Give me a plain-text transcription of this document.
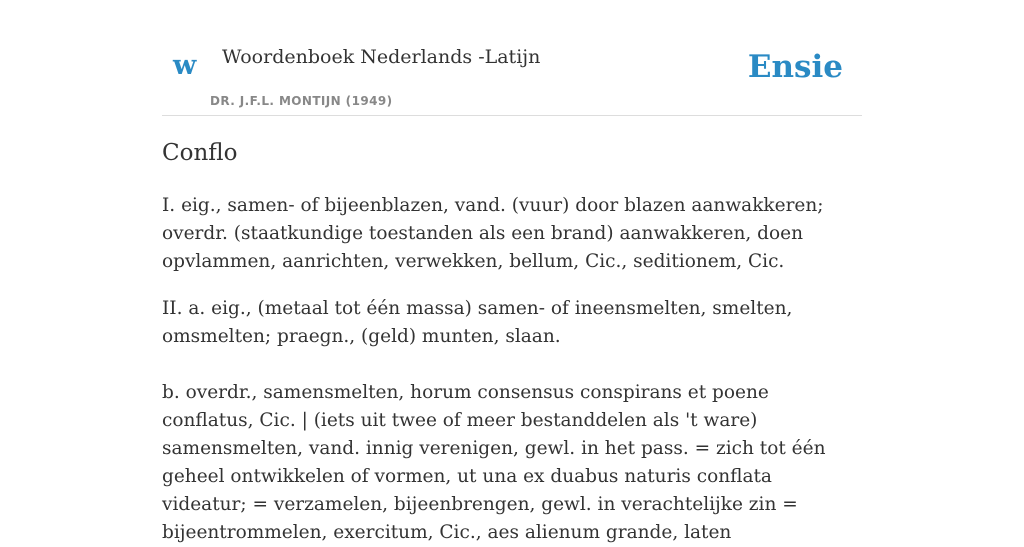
w Woordenboek Nederlands -Latijn
DR. J.F.L. MONTIJN (1949)
Ensie
Conflo

I. eig., samen- of bijeenblazen, vand. (vuur) door blazen aanwakkeren; overdr. (staatkundige toestanden als een brand) aanwakkeren, doen opvlammen, aanrichten, verwekken, bellum, Cic., seditionem, Cic.

II. a. eig., (metaal tot één massa) samen- of ineensmelten, smelten, omsmelten; praegn., (geld) munten, slaan.

b. overdr., samensmelten, horum consensus conspirans et poene conflatus, Cic. | (iets uit twee of meer bestanddelen als 't ware) samensmelten, vand. innig verenigen, gewl. in het pass. = zich tot één geheel ontwikkelen of vormen, ut una ex duabus naturis conflata videatur; = verzamelen, bijeenbrengen, gewl. in verachtelijke zin = bijeentrommelen, exercitum, Cic., aes alienum grande, laten
